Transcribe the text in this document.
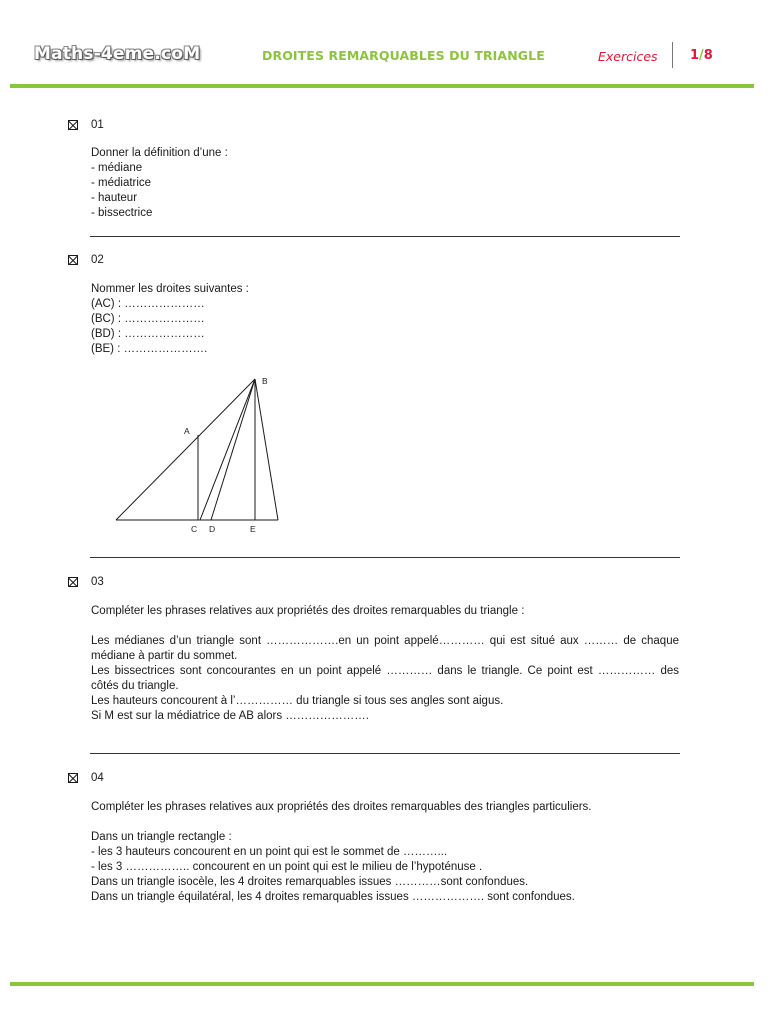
Maths-4eme.coM	DROITES REMARQUABLES DU TRIANGLE	Exercices 1/8
01
Donner la définition d’une :
- médiane
- médiatrice
- hauteur
- bissectrice
02
Nommer les droites suivantes :
(AC) : …………………
(BC) : …………………
(BD) : …………………
(BE) : ………………….
A
B
C D	E
03
Compléter les phrases relatives aux propriétés des droites remarquables du triangle :
Les médianes d’un triangle sont ……………….en un point appelé………… qui est situé aux ……… de chaque médiane à partir du sommet.
Les bissectrices sont concourantes en un point appelé ………… dans le triangle. Ce point est …………… des côtés du triangle.
Les hauteurs concourent à l’…………… du triangle si tous ses angles sont aigus.
Si M est sur la médiatrice de AB alors ………………….
04
Compléter les phrases relatives aux propriétés des droites remarquables des triangles particuliers.
Dans un triangle rectangle :
- les 3 hauteurs concourent en un point qui est le sommet de ………...
- les 3 …………….. concourent en un point qui est le milieu de l’hypoténuse .
Dans un triangle isocèle, les 4 droites remarquables issues …………sont confondues.
Dans un triangle équilatéral, les 4 droites remarquables issues ………………. sont confondues.
